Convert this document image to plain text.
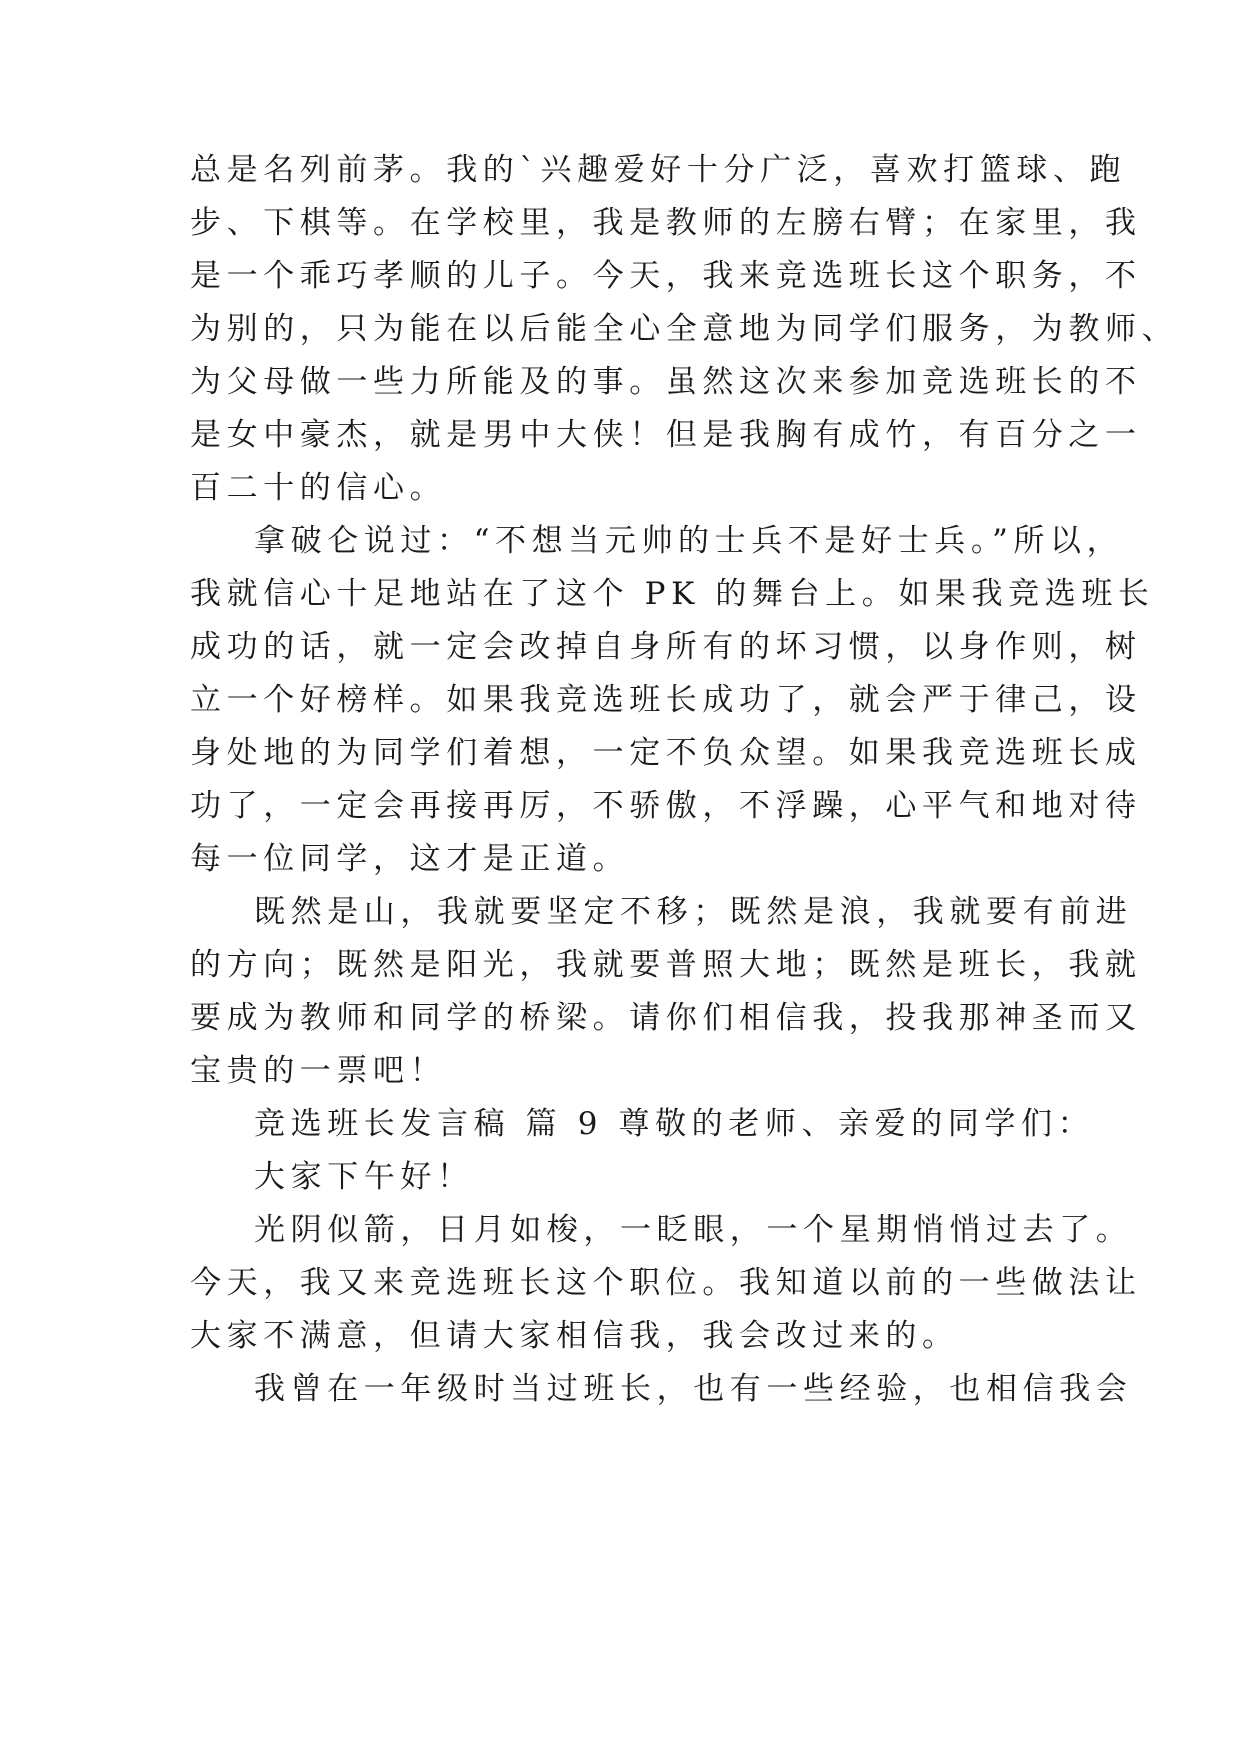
总是名列前茅。我的`兴趣爱好十分广泛，喜欢打篮球、跑
步、下棋等。在学校里，我是教师的左膀右臂；在家里，我
是一个乖巧孝顺的儿子。今天，我来竞选班长这个职务，不
为别的，只为能在以后能全心全意地为同学们服务，为教师、
为父母做一些力所能及的事。虽然这次来参加竞选班长的不
是女中豪杰，就是男中大侠！但是我胸有成竹，有百分之一
百二十的信心。
拿破仑说过：“不想当元帅的士兵不是好士兵。”所以，
我就信心十足地站在了这个 PK 的舞台上。如果我竞选班长
成功的话，就一定会改掉自身所有的坏习惯，以身作则，树
立一个好榜样。如果我竞选班长成功了，就会严于律己，设
身处地的为同学们着想，一定不负众望。如果我竞选班长成
功了，一定会再接再厉，不骄傲，不浮躁，心平气和地对待
每一位同学，这才是正道。
既然是山，我就要坚定不移；既然是浪，我就要有前进
的方向；既然是阳光，我就要普照大地；既然是班长，我就
要成为教师和同学的桥梁。请你们相信我，投我那神圣而又
宝贵的一票吧！
竞选班长发言稿 篇 9 尊敬的老师、亲爱的同学们：
大家下午好！
光阴似箭，日月如梭，一眨眼，一个星期悄悄过去了。
今天，我又来竞选班长这个职位。我知道以前的一些做法让
大家不满意，但请大家相信我，我会改过来的。
我曾在一年级时当过班长，也有一些经验，也相信我会
